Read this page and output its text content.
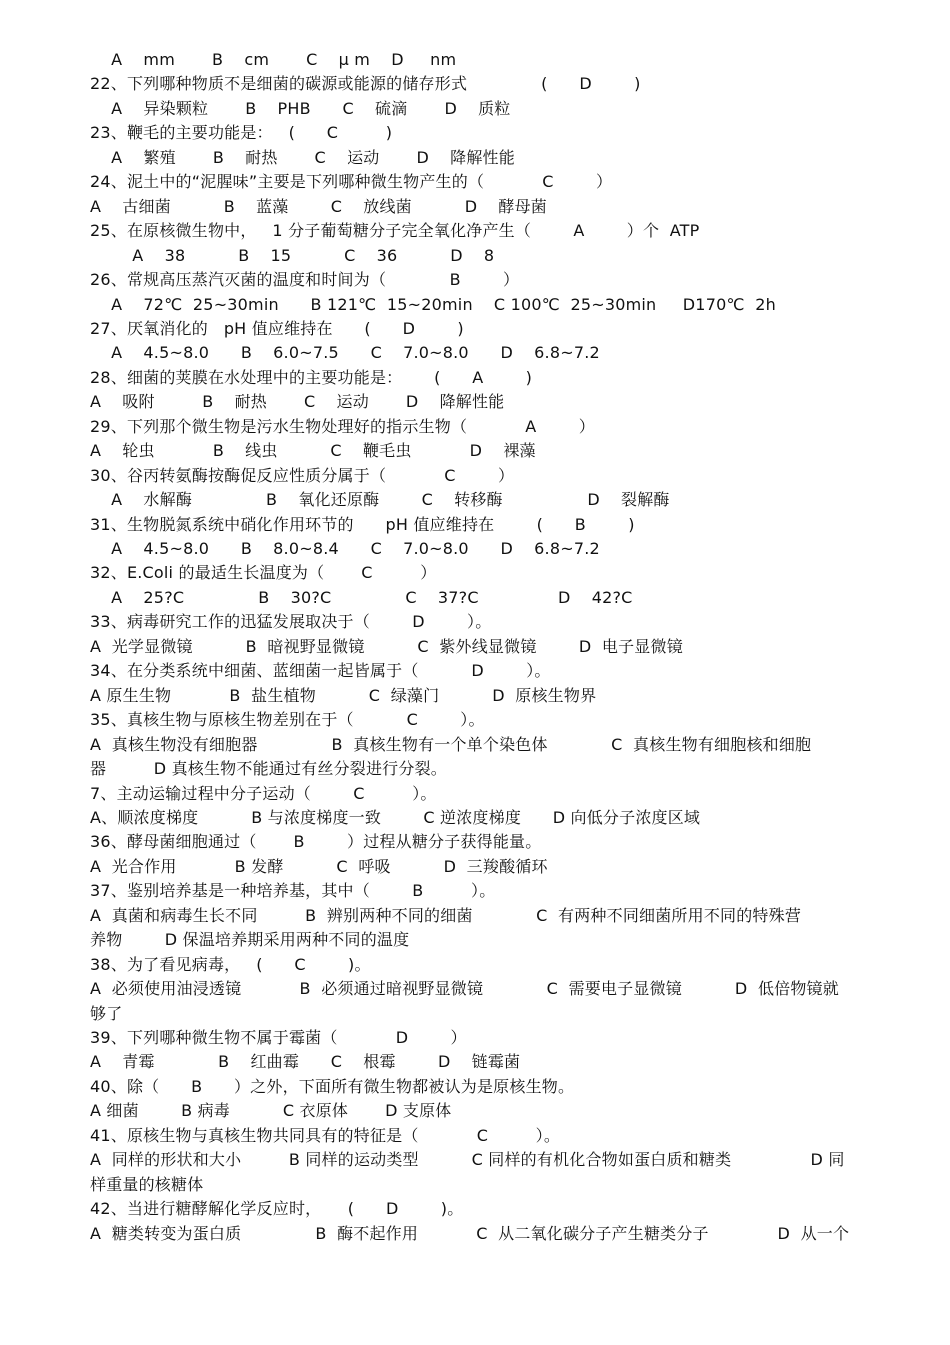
A    mm       B    cm       C    μ m    D     nm
22、下列哪种物质不是细菌的碳源或能源的储存形式              (      D        )
A    异染颗粒       B    PHB      C    硫滴       D    质粒
23、鞭毛的主要功能是：   (      C         )
A    繁殖       B    耐热       C    运动       D    降解性能
24、泥土中的“泥腥味”主要是下列哪种微生物产生的（           C        ）
A    古细菌          B    蓝藻        C    放线菌          D    酵母菌
25、在原核微生物中，   1 分子葡萄糖分子完全氧化净产生（        A        ）个  ATP
A    38          B    15          C    36          D    8
26、常规高压蒸汽灭菌的温度和时间为（            B        ）
A    72℃  25~30min      B 121℃  15~20min    C 100℃  25~30min     D170℃  2h
27、厌氧消化的   pH 值应维持在      (      D        )
A    4.5~8.0      B    6.0~7.5      C    7.0~8.0      D    6.8~7.2
28、细菌的荚膜在水处理中的主要功能是：      (      A        )
A    吸附         B    耐热       C    运动       D    降解性能
29、下列那个微生物是污水生物处理好的指示生物（           A        ）
A    轮虫           B    线虫          C    鞭毛虫           D    裸藻
30、谷丙转氨酶按酶促反应性质分属于（           C        ）
A    水解酶              B    氧化还原酶        C    转移酶                D    裂解酶
31、生物脱氮系统中硝化作用环节的      pH 值应维持在        (      B        )
A    4.5~8.0      B    8.0~8.4      C    7.0~8.0      D    6.8~7.2
32、E.Coli 的最适生长温度为（       C         ）
A    25?C              B    30?C              C    37?C               D    42?C
33、病毒研究工作的迅猛发展取决于（        D        ）。
A  光学显微镜          B  暗视野显微镜          C  紫外线显微镜        D  电子显微镜
34、在分类系统中细菌、蓝细菌一起皆属于（          D        ）。
A 原生生物           B  盐生植物          C  绿藻门          D  原核生物界
35、真核生物与原核生物差别在于（          C        ）。
A  真核生物没有细胞器              B  真核生物有一个单个染色体            C  真核生物有细胞核和细胞
器         D 真核生物不能通过有丝分裂进行分裂。
7、主动运输过程中分子运动（        C         ）。
A、顺浓度梯度          B 与浓度梯度一致        C 逆浓度梯度      D 向低分子浓度区域
36、酵母菌细胞通过（       B        ）过程从糖分子获得能量。
A  光合作用           B 发酵          C  呼吸          D  三羧酸循环
37、鉴别培养基是一种培养基，其中（        B         ）。
A  真菌和病毒生长不同         B  辨别两种不同的细菌            C  有两种不同细菌所用不同的特殊营
养物        D 保温培养期采用两种不同的温度
38、为了看见病毒，   (      C        )。
A  必须使用油浸透镜           B  必须通过暗视野显微镜            C  需要电子显微镜          D  低倍物镜就
够了
39、下列哪种微生物不属于霉菌（           D        ）
A    青霉            B    红曲霉      C    根霉        D    链霉菌
40、除（      B      ）之外，下面所有微生物都被认为是原核生物。
A 细菌        B 病毒          C 衣原体       D 支原体
41、原核生物与真核生物共同具有的特征是（           C         ）。
A  同样的形状和大小         B 同样的运动类型          C 同样的有机化合物如蛋白质和糖类               D 同
样重量的核糖体
42、当进行糖酵解化学反应时，     (      D        )。
A  糖类转变为蛋白质              B  酶不起作用           C  从二氧化碳分子产生糖类分子             D  从一个
